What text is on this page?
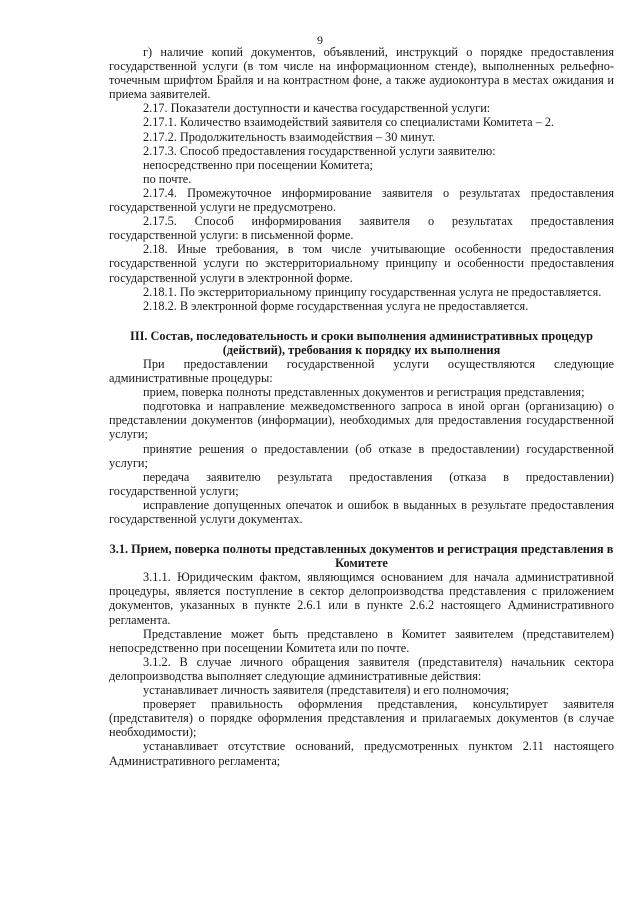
9

г) наличие копий документов, объявлений, инструкций о порядке предоставления государственной услуги (в том числе на информационном стенде), выполненных рельефно-точечным шрифтом Брайля и на контрастном фоне, а также аудиоконтура в местах ожидания и приема заявителей.

2.17. Показатели доступности и качества государственной услуги:

2.17.1. Количество взаимодействий заявителя со специалистами Комитета – 2.

2.17.2. Продолжительность взаимодействия – 30 минут.

2.17.3. Способ предоставления государственной услуги заявителю:

непосредственно при посещении Комитета;

по почте.

2.17.4. Промежуточное информирование заявителя о результатах предоставления государственной услуги не предусмотрено.

2.17.5. Способ информирования заявителя о результатах предоставления государственной услуги: в письменной форме.

2.18. Иные требования, в том числе учитывающие особенности предоставления государственной услуги по экстерриториальному принципу и особенности предоставления государственной услуги в электронной форме.

2.18.1. По экстерриториальному принципу государственная услуга не предоставляется.

2.18.2. В электронной форме государственная услуга не предоставляется.

III. Состав, последовательность и сроки выполнения административных процедур (действий), требования к порядку их выполнения

При предоставлении государственной услуги осуществляются следующие административные процедуры:

прием, поверка полноты представленных документов и регистрация представления;

подготовка и направление межведомственного запроса в иной орган (организацию) о представлении документов (информации), необходимых для предоставления государственной услуги;

принятие решения о предоставлении (об отказе в предоставлении) государственной услуги;

передача заявителю результата предоставления (отказа в предоставлении) государственной услуги;

исправление допущенных опечаток и ошибок в выданных в результате предоставления государственной услуги документах.

3.1. Прием, поверка полноты представленных документов и регистрация представления в Комитете

3.1.1. Юридическим фактом, являющимся основанием для начала административной процедуры, является поступление в сектор делопроизводства представления с приложением документов, указанных в пункте 2.6.1 или в пункте 2.6.2 настоящего Административного регламента.

Представление может быть представлено в Комитет заявителем (представителем) непосредственно при посещении Комитета или по почте.

3.1.2. В случае личного обращения заявителя (представителя) начальник сектора делопроизводства выполняет следующие административные действия:

устанавливает личность заявителя (представителя) и его полномочия;

проверяет правильность оформления представления, консультирует заявителя (представителя) о порядке оформления представления и прилагаемых документов (в случае необходимости);

устанавливает отсутствие оснований, предусмотренных пунктом 2.11 настоящего Административного регламента;
